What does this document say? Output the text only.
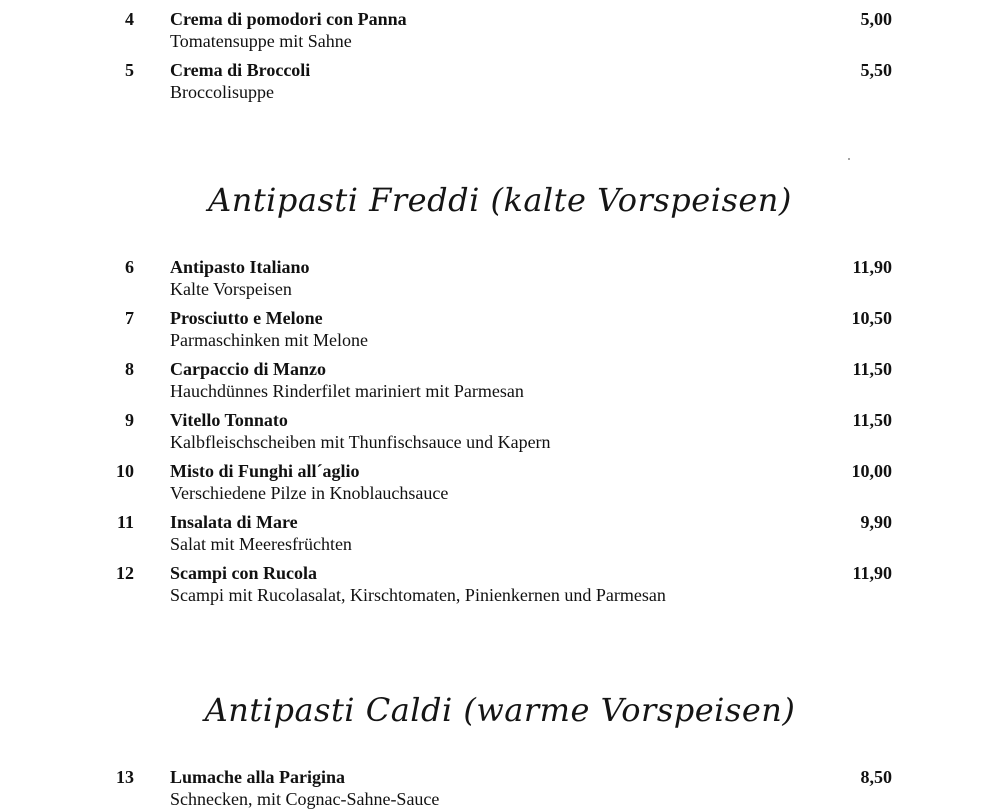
4 Crema di pomodori con Panna
Tomatensuppe mit Sahne
5,00
5 Crema di Broccoli
Broccolisuppe
5,50
Antipasti Freddi (kalte Vorspeisen)
6 Antipasto Italiano
Kalte Vorspeisen
11,90
7 Prosciutto e Melone
Parmaschinken mit Melone
10,50
8 Carpaccio di Manzo
Hauchdünnes Rinderfilet mariniert mit Parmesan
11,50
9 Vitello Tonnato
Kalbfleischscheiben mit Thunfischsauce und Kapern
11,50
10 Misto di Funghi all´aglio
Verschiedene Pilze in Knoblauchsauce
10,00
11 Insalata di Mare
Salat mit Meeresfrüchten
9,90
12 Scampi con Rucola
Scampi mit Rucolasalat, Kirschtomaten, Pinienkernen und Parmesan
11,90
Antipasti Caldi (warme Vorspeisen)
13 Lumache alla Parigina
Schnecken, mit Cognac-Sahne-Sauce
8,50
